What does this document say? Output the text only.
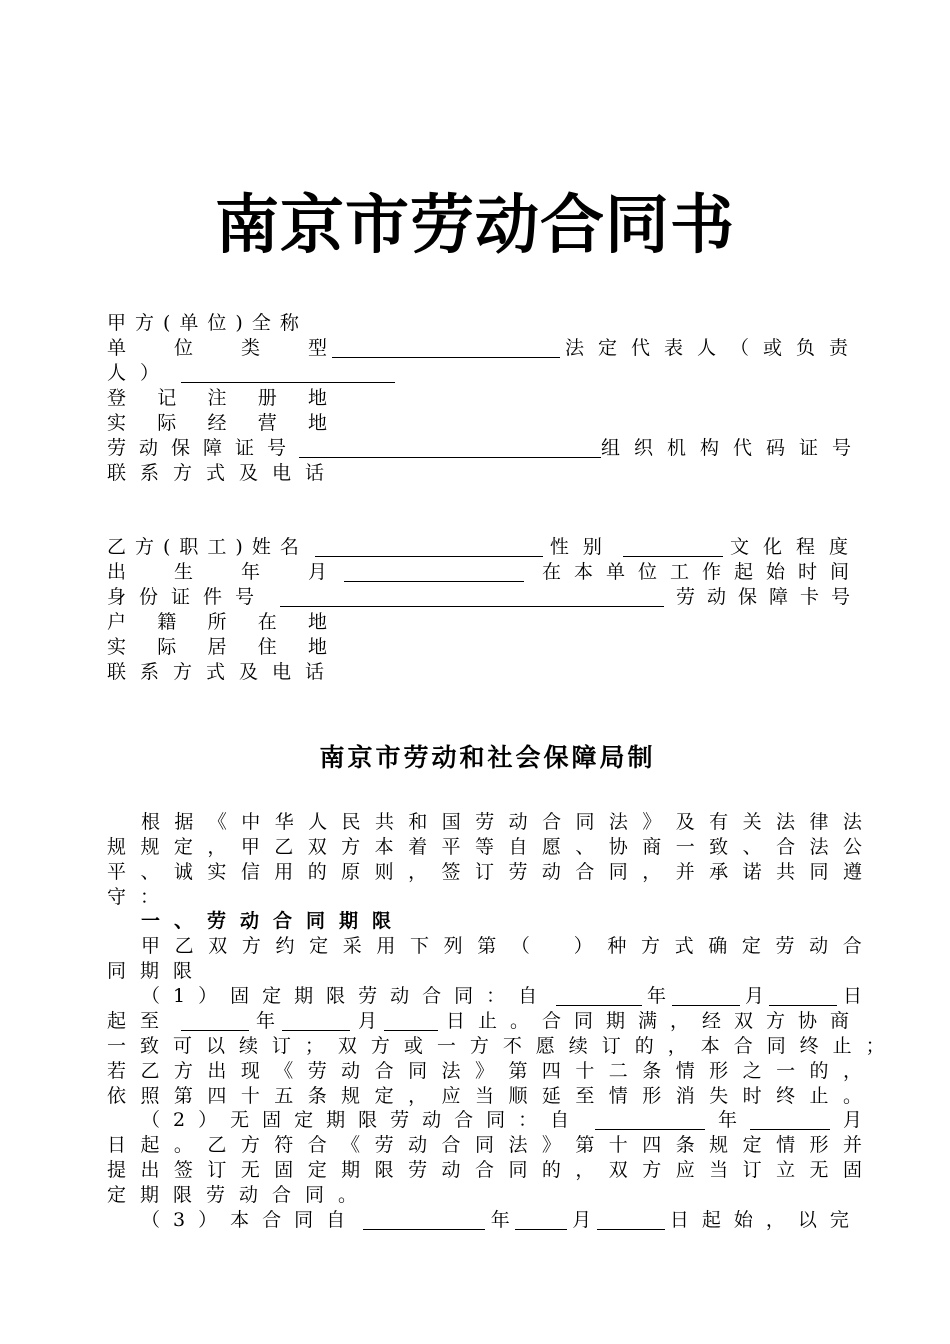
南京市劳动合同书
甲方(单位)全称
单	位	类	型	法定代表人（或负责
人）
登 记 注 册 地
实 际 经 营 地
劳动保障证号	组织机构代码证号
联系方式及电话
乙方(职工)姓名	性别	文化程度
出	生	年	月	在本单位工作起始时间
身份证件号	劳动保障卡号
户 籍 所 在 地
实 际 居 住 地
联系方式及电话
南京市劳动和社会保障局制
根 据 《 中 华 人 民 共 和 国 劳 动 合 同 法 》 及 有 关 法 律 法
规 规 定 ， 甲 乙 双 方 本 着 平 等 自 愿 、 协 商 一 致 、 合 法 公
平 、 诚 实 信 用 的 原 则 ， 签 订 劳 动 合 同 ， 并 承 诺 共 同 遵
守：
一、劳动合同期限
甲 乙 双 方 约 定 采 用 下 列 第 （ ） 种 方 式 确 定 劳 动 合
同期限
（1）固定期限劳动合同：自	年	月	日
起至	年	月	日止。合同期满，经双方协商
一 致 可 以 续 订 ； 双 方 或 一 方 不 愿 续 订 的 ， 本 合 同 终 止 ；
若 乙 方 出 现 《 劳 动 合 同 法 》 第 四 十 二 条 情 形 之 一 的 ，
依 照 第 四 十 五 条 规 定 ， 应 当 顺 延 至 情 形 消 失 时 终 止 。
（2）无固定期限劳动合同：自	年	月
日 起 。 乙 方 符 合 《 劳 动 合 同 法 》 第 十 四 条 规 定 情 形 并
提 出 签 订 无 固 定 期 限 劳 动 合 同 的 ， 双 方 应 当 订 立 无 固
定期限劳动合同。
（3）本合同自	年	月	日起始，以完
